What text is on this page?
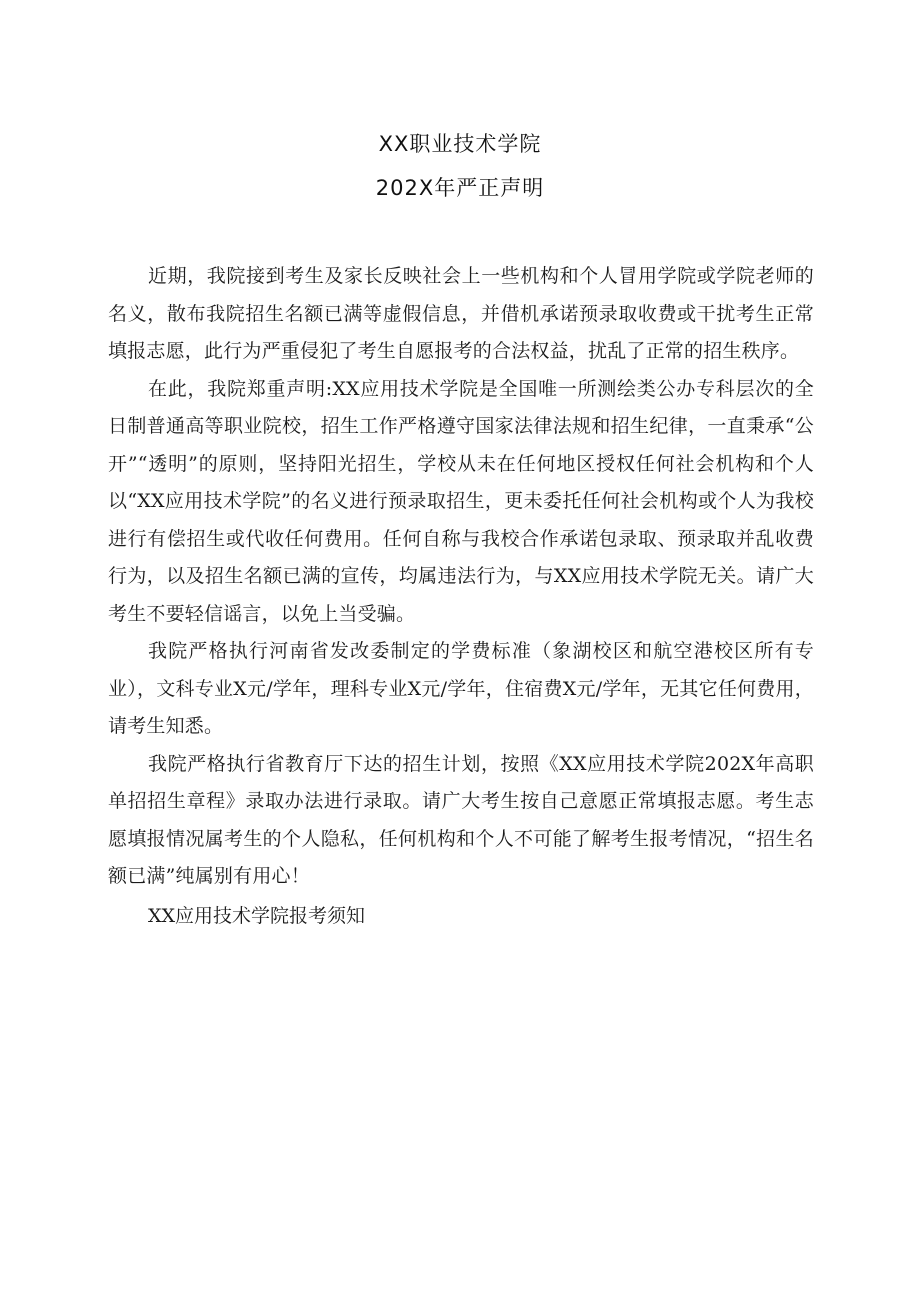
XX职业技术学院
202X年严正声明

近期，我院接到考生及家长反映社会上一些机构和个人冒用学院或学院老师的名义，散布我院招生名额已满等虚假信息，并借机承诺预录取收费或干扰考生正常填报志愿，此行为严重侵犯了考生自愿报考的合法权益，扰乱了正常的招生秩序。

在此，我院郑重声明:XX应用技术学院是全国唯一所测绘类公办专科层次的全日制普通高等职业院校，招生工作严格遵守国家法律法规和招生纪律，一直秉承“公开”“透明”的原则，坚持阳光招生，学校从未在任何地区授权任何社会机构和个人以“XX应用技术学院”的名义进行预录取招生，更未委托任何社会机构或个人为我校进行有偿招生或代收任何费用。任何自称与我校合作承诺包录取、预录取并乱收费行为，以及招生名额已满的宣传，均属违法行为，与XX应用技术学院无关。请广大考生不要轻信谣言，以免上当受骗。

我院严格执行河南省发改委制定的学费标准（象湖校区和航空港校区所有专业），文科专业X元/学年，理科专业X元/学年，住宿费X元/学年，无其它任何费用，请考生知悉。

我院严格执行省教育厅下达的招生计划，按照《XX应用技术学院202X年高职单招招生章程》录取办法进行录取。请广大考生按自己意愿正常填报志愿。考生志愿填报情况属考生的个人隐私，任何机构和个人不可能了解考生报考情况，“招生名额已满”纯属别有用心！

XX应用技术学院报考须知
